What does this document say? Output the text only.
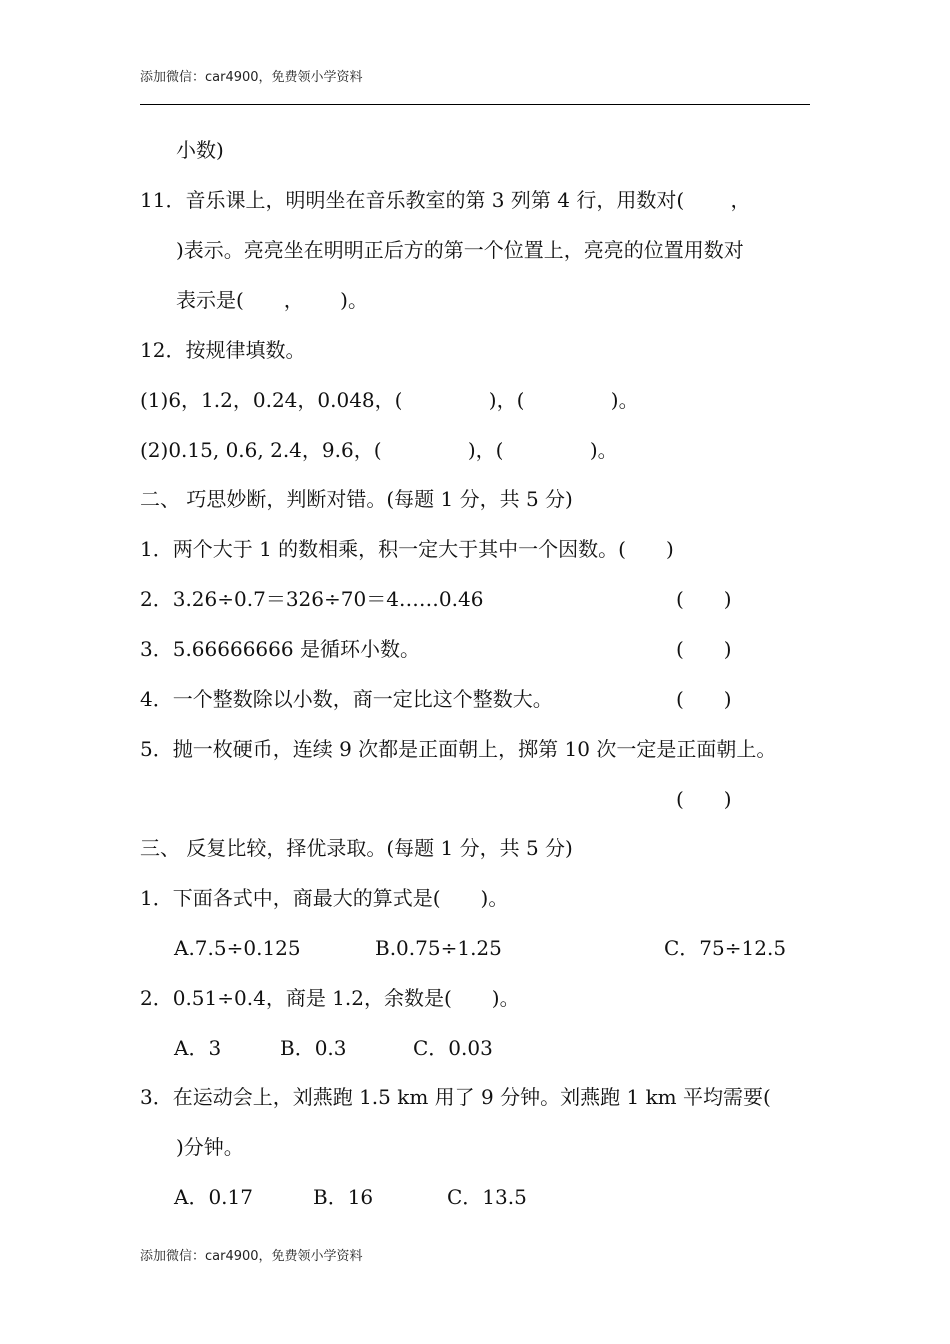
添加微信：car4900，免费领小学资料
小数)
11．音乐课上，明明坐在音乐教室的第 3 列第 4 行，用数对(　　 ，
)表示。亮亮坐在明明正后方的第一个位置上，亮亮的位置用数对
表示是(　　，　　 )。
12．按规律填数。
(1)6，1.2，0.24，0.048，(　　　　 )，(　　　　 )。
(2)0.15, 0.6, 2.4，9.6，(　　　　 )，(　　　　 )。
二、 巧思妙断，判断对错。(每题 1 分，共 5 分)
1．两个大于 1 的数相乘，积一定大于其中一个因数。(　　)
2．3.26÷0.7＝326÷70＝4……0.46	(　　)
3．5.66666666 是循环小数。	(　　)
4．一个整数除以小数，商一定比这个整数大。	(　　)
5．抛一枚硬币，连续 9 次都是正面朝上，掷第 10 次一定是正面朝上。
(　　)
三、 反复比较，择优录取。(每题 1 分，共 5 分)
1．下面各式中，商最大的算式是(　　)。
A.7.5÷0.125	B.0.75÷1.25	C．75÷12.5
2．0.51÷0.4，商是 1.2，余数是(　　)。
A．3	B．0.3	C．0.03
3．在运动会上，刘燕跑 1.5 km 用了 9 分钟。刘燕跑 1 km 平均需要(
)分钟。
A．0.17	B．16	C．13.5
添加微信：car4900，免费领小学资料
